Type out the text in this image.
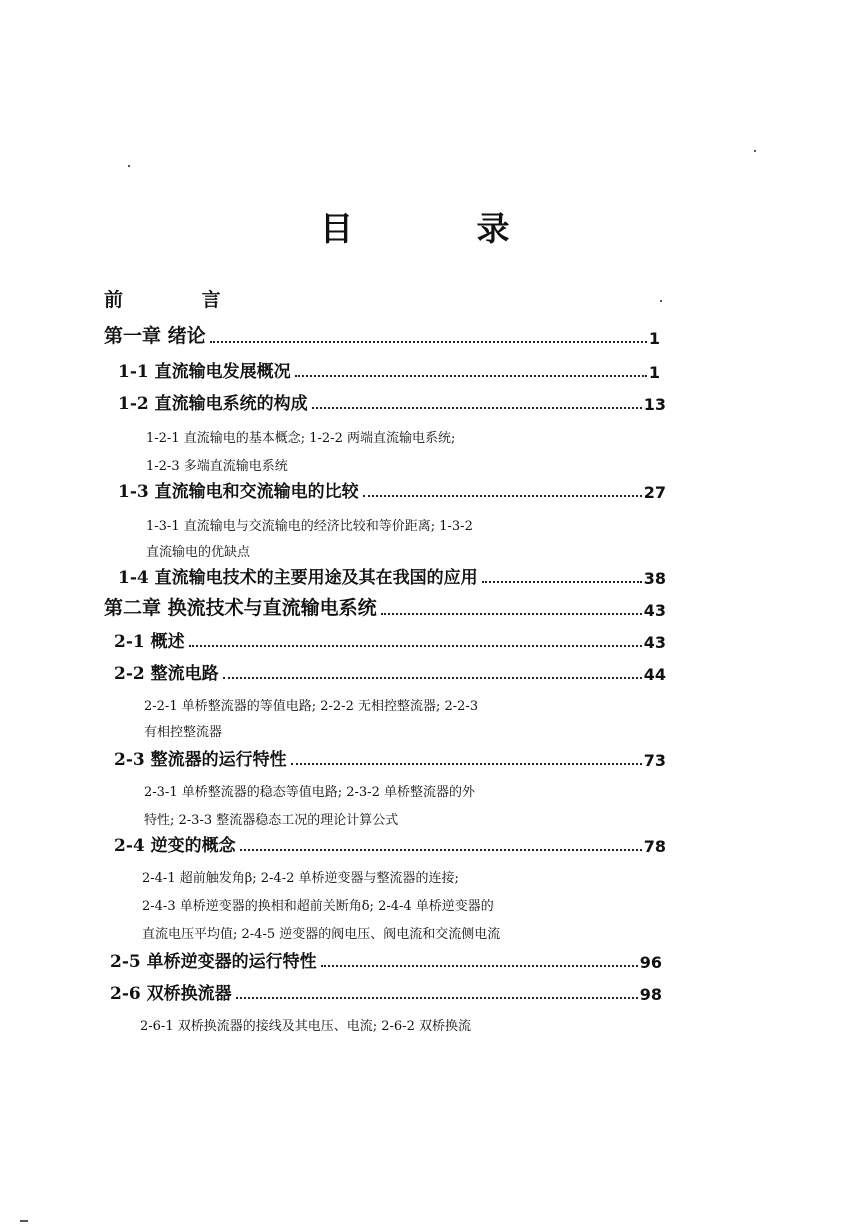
目 录
前 言
第一章 绪论	1
1-1 直流输电发展概况	1
1-2 直流输电系统的构成	13
1-2-1 直流输电的基本概念; 1-2-2 两端直流输电系统;
1-2-3 多端直流输电系统
1-3 直流输电和交流输电的比较	27
1-3-1 直流输电与交流输电的经济比较和等价距离; 1-3-2
直流输电的优缺点
1-4 直流输电技术的主要用途及其在我国的应用	38
第二章 换流技术与直流输电系统	43
2-1 概述	43
2-2 整流电路	44
2-2-1 单桥整流器的等值电路; 2-2-2 无相控整流器; 2-2-3
有相控整流器
2-3 整流器的运行特性	73
2-3-1 单桥整流器的稳态等值电路; 2-3-2 单桥整流器的外
特性; 2-3-3 整流器稳态工况的理论计算公式
2-4 逆变的概念	78
2-4-1 超前触发角β; 2-4-2 单桥逆变器与整流器的连接;
2-4-3 单桥逆变器的换相和超前关断角δ; 2-4-4 单桥逆变器的
直流电压平均值; 2-4-5 逆变器的阀电压、阀电流和交流侧电流
2-5 单桥逆变器的运行特性	96
2-6 双桥换流器	98
2-6-1 双桥换流器的接线及其电压、电流; 2-6-2 双桥换流
